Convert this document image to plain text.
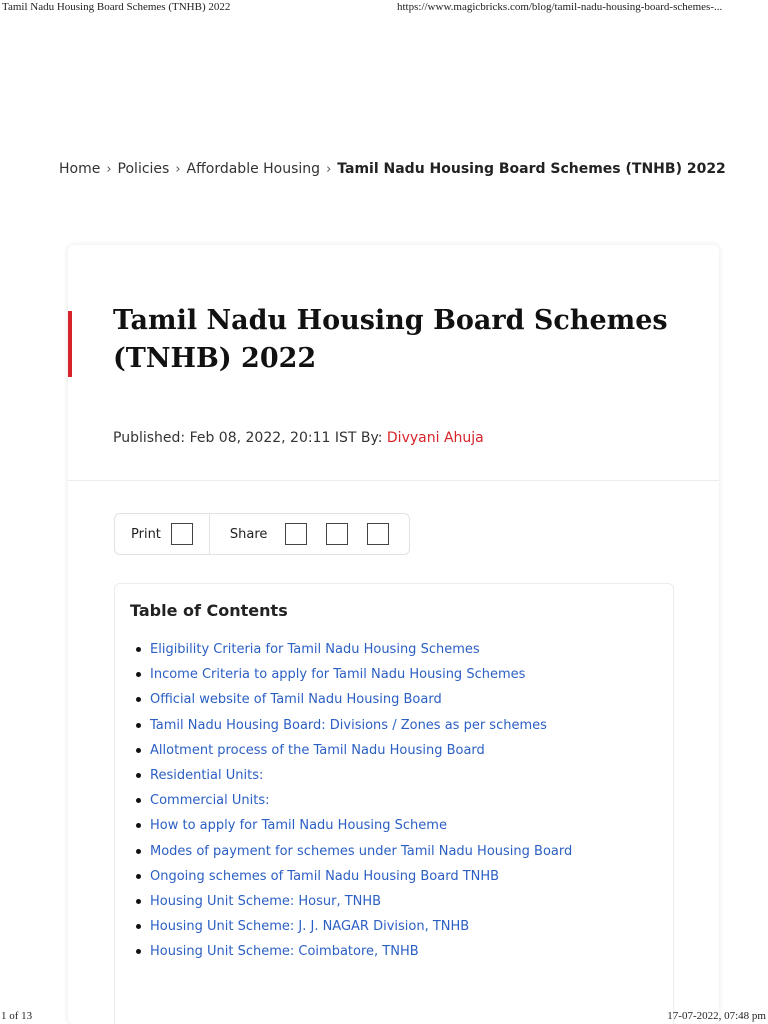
Tamil Nadu Housing Board Schemes (TNHB) 2022	https://www.magicbricks.com/blog/tamil-nadu-housing-board-schemes-...
Home › Policies › Affordable Housing › Tamil Nadu Housing Board Schemes (TNHB) 2022
Tamil Nadu Housing Board Schemes (TNHB) 2022
Published: Feb 08, 2022, 20:11 IST By: Divyani Ahuja
Print	Share
Table of Contents
Eligibility Criteria for Tamil Nadu Housing Schemes
Income Criteria to apply for Tamil Nadu Housing Schemes
Official website of Tamil Nadu Housing Board
Tamil Nadu Housing Board: Divisions / Zones as per schemes
Allotment process of the Tamil Nadu Housing Board
Residential Units:
Commercial Units:
How to apply for Tamil Nadu Housing Scheme
Modes of payment for schemes under Tamil Nadu Housing Board
Ongoing schemes of Tamil Nadu Housing Board TNHB
Housing Unit Scheme: Hosur, TNHB
Housing Unit Scheme: J. J. NAGAR Division, TNHB
Housing Unit Scheme: Coimbatore, TNHB
1 of 13	17-07-2022, 07:48 pm
